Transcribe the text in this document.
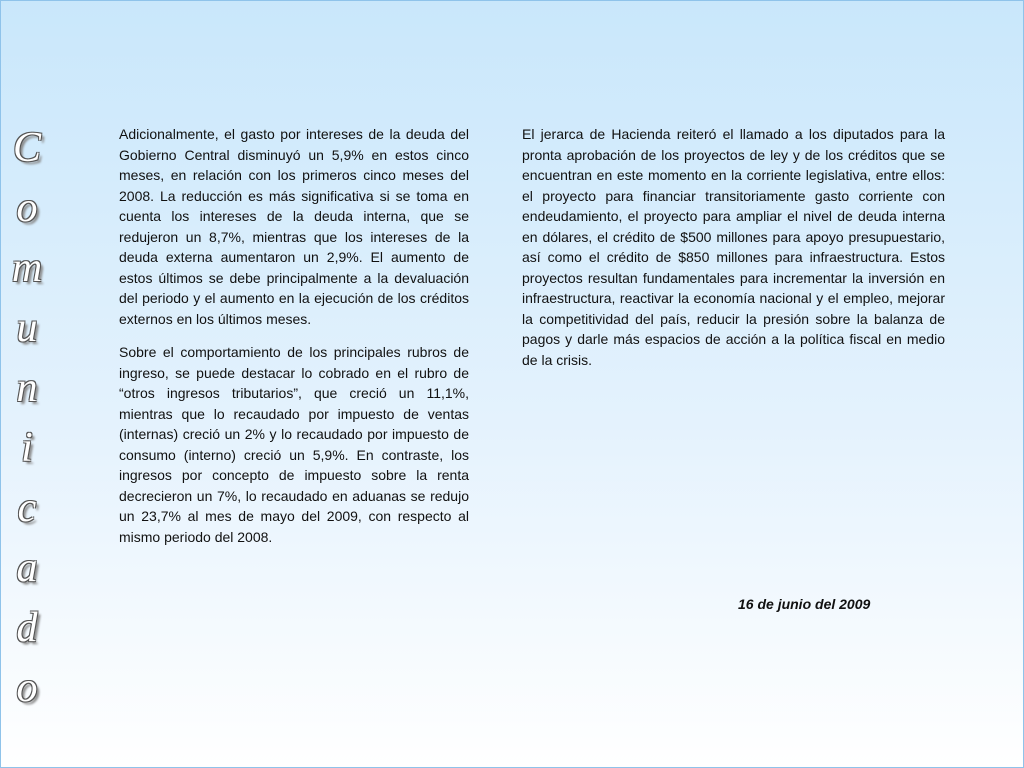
C
o
m
u
n
i
c
a
d
o

Adicionalmente, el gasto por intereses de la deuda del Gobierno Central disminuyó un 5,9% en estos cinco meses, en relación con los primeros cinco meses del 2008. La reducción es más significativa si se toma en cuenta los intereses de la deuda interna, que se redujeron un 8,7%, mientras que los intereses de la deuda externa aumentaron un 2,9%. El aumento de estos últimos se debe principalmente a la devaluación del periodo y el aumento en la ejecución de los créditos externos en los últimos meses.

Sobre el comportamiento de los principales rubros de ingreso, se puede destacar lo cobrado en el rubro de “otros ingresos tributarios”, que creció un 11,1%, mientras que lo recaudado por impuesto de ventas (internas) creció un 2% y lo recaudado por impuesto de consumo (interno) creció un 5,9%. En contraste, los ingresos por concepto de impuesto sobre la renta decrecieron un 7%, lo recaudado en aduanas se redujo un 23,7% al mes de mayo del 2009, con respecto al mismo periodo del 2008.

El jerarca de Hacienda reiteró el llamado a los diputados para la pronta aprobación de los proyectos de ley y de los créditos que se encuentran en este momento en la corriente legislativa, entre ellos: el proyecto para financiar transitoriamente gasto corriente con endeudamiento, el proyecto para ampliar el nivel de deuda interna en dólares, el crédito de $500 millones para apoyo presupuestario, así como el crédito de $850 millones para infraestructura. Estos proyectos resultan fundamentales para incrementar la inversión en infraestructura, reactivar la economía nacional y el empleo, mejorar la competitividad del país, reducir la presión sobre la balanza de pagos y darle más espacios de acción a la política fiscal en medio de la crisis.

16 de junio del 2009
